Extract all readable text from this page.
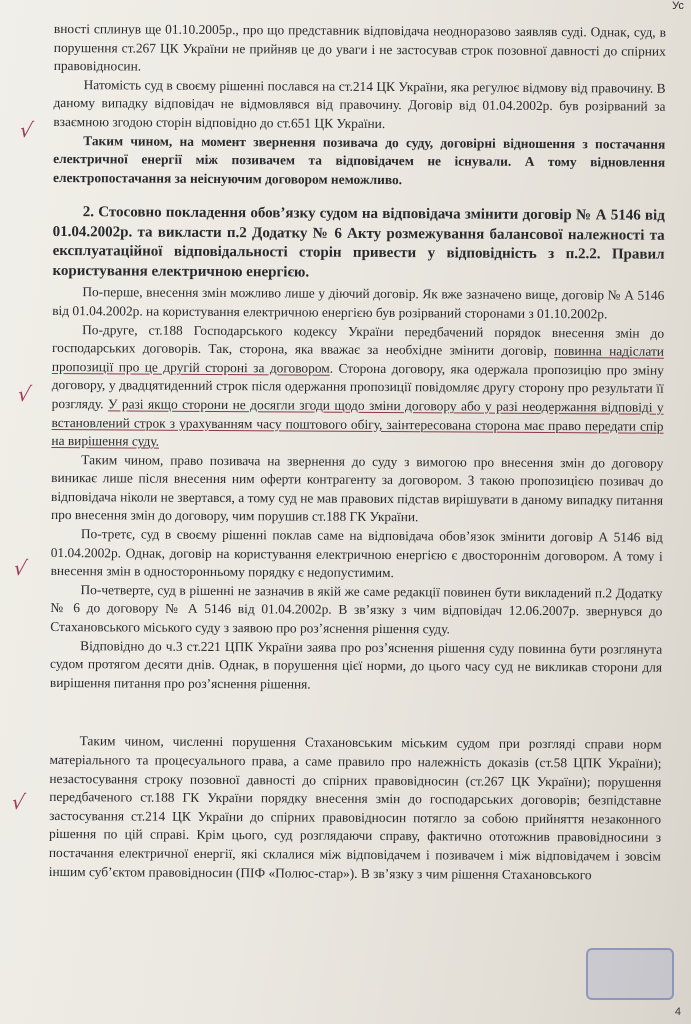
Ус

вності сплинув ще 01.10.2005р., про що представник відповідача неодноразово заявляв суді. Однак, суд, в порушення ст.267 ЦК України не прийняв це до уваги і не застосував строк позовної давності до спірних правовідносин.

Натомість суд в своєму рішенні послався на ст.214 ЦК України, яка регулює відмову від правочину. В даному випадку відповідач не відмовлявся від правочину. Договір від 01.04.2002р. був розірваний за взаємною згодою сторін відповідно до ст.651 ЦК України.

Таким чином, на момент звернення позивача до суду, договірні відношення з постачання електричної енергії між позивачем та відповідачем не існували. А тому відновлення електропостачання за неіснуючим договором неможливо.

2. Стосовно покладення обов’язку судом на відповідача змінити договір № А 5146 від 01.04.2002р. та викласти п.2 Додатку № 6 Акту розмежування балансової належності та експлуатаційної відповідальності сторін привести у відповідність з п.2.2. Правил користування електричною енергією.

По-перше, внесення змін можливо лише у діючий договір. Як вже зазначено вище, договір № А 5146 від 01.04.2002р. на користування електричною енергією був розірваний сторонами з 01.10.2002р.

По-друге, ст.188 Господарського кодексу України передбачений порядок внесення змін до господарських договорів. Так, сторона, яка вважає за необхідне змінити договір, повинна надіслати пропозиції про це другій стороні за договором. Сторона договору, яка одержала пропозицію про зміну договору, у двадцятиденний строк після одержання пропозиції повідомляє другу сторону про результати її розгляду. У разі якщо сторони не досягли згоди щодо зміни договору або у разі неодержання відповіді у встановлений строк з урахуванням часу поштового обігу, заінтересована сторона має право передати спір на вирішення суду.

Таким чином, право позивача на звернення до суду з вимогою про внесення змін до договору виникає лише після внесення ним оферти контрагенту за договором. З такою пропозицією позивач до відповідача ніколи не звертався, а тому суд не мав правових підстав вирішувати в даному випадку питання про внесення змін до договору, чим порушив ст.188 ГК України.

По-третє, суд в своєму рішенні поклав саме на відповідача обов’язок змінити договір А 5146 від 01.04.2002р. Однак, договір на користування електричною енергією є двостороннім договором. А тому і внесення змін в односторонньому порядку є недопустимим.

По-четверте, суд в рішенні не зазначив в якій же саме редакції повинен бути викладений п.2 Додатку № 6 до договору № А 5146 від 01.04.2002р. В зв’язку з чим відповідач 12.06.2007р. звернувся до Стахановського міського суду з заявою про роз’яснення рішення суду.

Відповідно до ч.3 ст.221 ЦПК України заява про роз’яснення рішення суду повинна бути розглянута судом протягом десяти днів. Однак, в порушення цієї норми, до цього часу суд не викликав сторони для вирішення питання про роз’яснення рішення.

Таким чином, численні порушення Стахановським міським судом при розгляді справи норм матеріального та процесуального права, а саме правило про належність доказів (ст.58 ЦПК України); незастосування строку позовної давності до спірних правовідносин (ст.267 ЦК України); порушення передбаченого ст.188 ГК України порядку внесення змін до господарських договорів; безпідставне застосування ст.214 ЦК України до спірних правовідносин потягло за собою прийняття незаконного рішення по цій справі. Крім цього, суд розглядаючи справу, фактично ототожнив правовідносини з постачання електричної енергії, які склалися між відповідачем і позивачем і між відповідачем і зовсім іншим суб’єктом правовідносин (ПІФ «Полюс-стар»). В зв’язку з чим рішення Стахановського

√
√
√
√
4
